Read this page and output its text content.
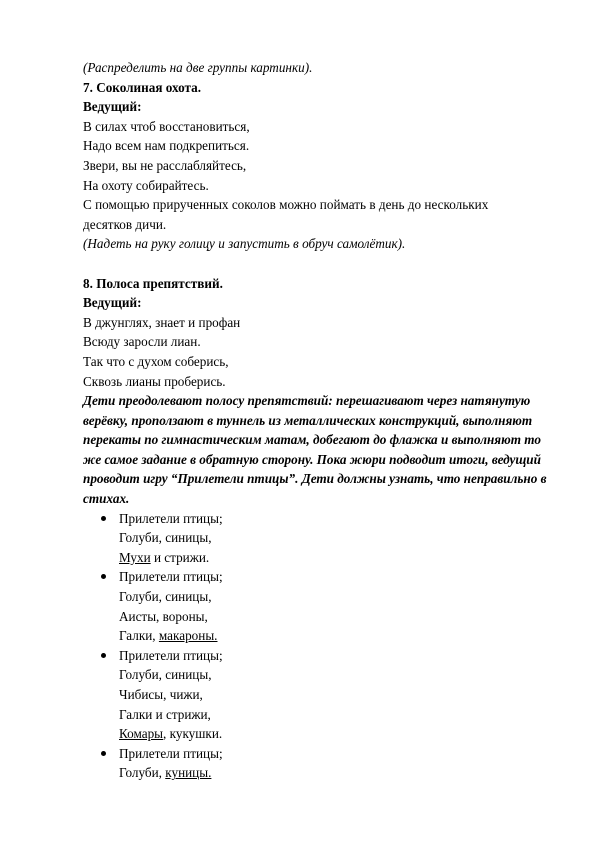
(Распределить на две группы картинки).
7. Соколиная охота.
Ведущий:
В силах чтоб восстановиться,
Надо всем нам подкрепиться.
Звери, вы не расслабляйтесь,
На охоту собирайтесь.
С помощью прирученных соколов можно поймать в день до нескольких
десятков дичи.
(Надеть на руку голицу и запустить в обруч самолётик).
8. Полоса препятствий.
Ведущий:
В джунглях, знает и профан
Всюду заросли лиан.
Так что с духом соберись,
Сквозь лианы проберись.
Дети преодолевают полосу препятствий: перешагивают через натянутую верёвку, проползают в туннель из металлических конструкций, выполняют перекаты по гимнастическим матам, добегают до флажка и выполняют то же самое задание в обратную сторону. Пока жюри подводит итоги, ведущий проводит игру “Прилетели птицы”. Дети должны узнать, что неправильно в стихах.
Прилетели птицы;
Голуби, синицы,
Мухи и стрижи.
Прилетели птицы;
Голуби, синицы,
Аисты, вороны,
Галки, макароны.
Прилетели птицы;
Голуби, синицы,
Чибисы, чижи,
Галки и стрижи,
Комары, кукушки.
Прилетели птицы;
Голуби, куницы.
